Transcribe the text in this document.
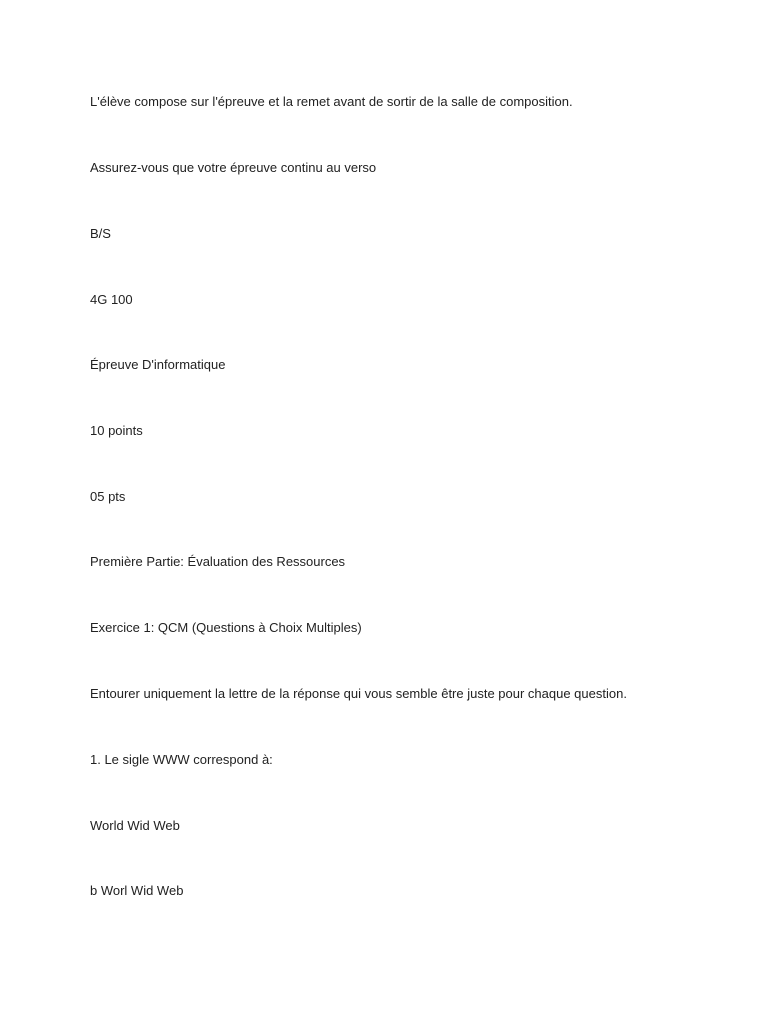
L'élève compose sur l'épreuve et la remet avant de sortir de la salle de composition.
Assurez-vous que votre épreuve continu au verso
B/S
4G 100
Épreuve D'informatique
10 points
05 pts
Première Partie: Évaluation des Ressources
Exercice 1: QCM (Questions à Choix Multiples)
Entourer uniquement la lettre de la réponse qui vous semble être juste pour chaque question.
1. Le sigle WWW correspond à:
World Wid Web
b Worl Wid Web
